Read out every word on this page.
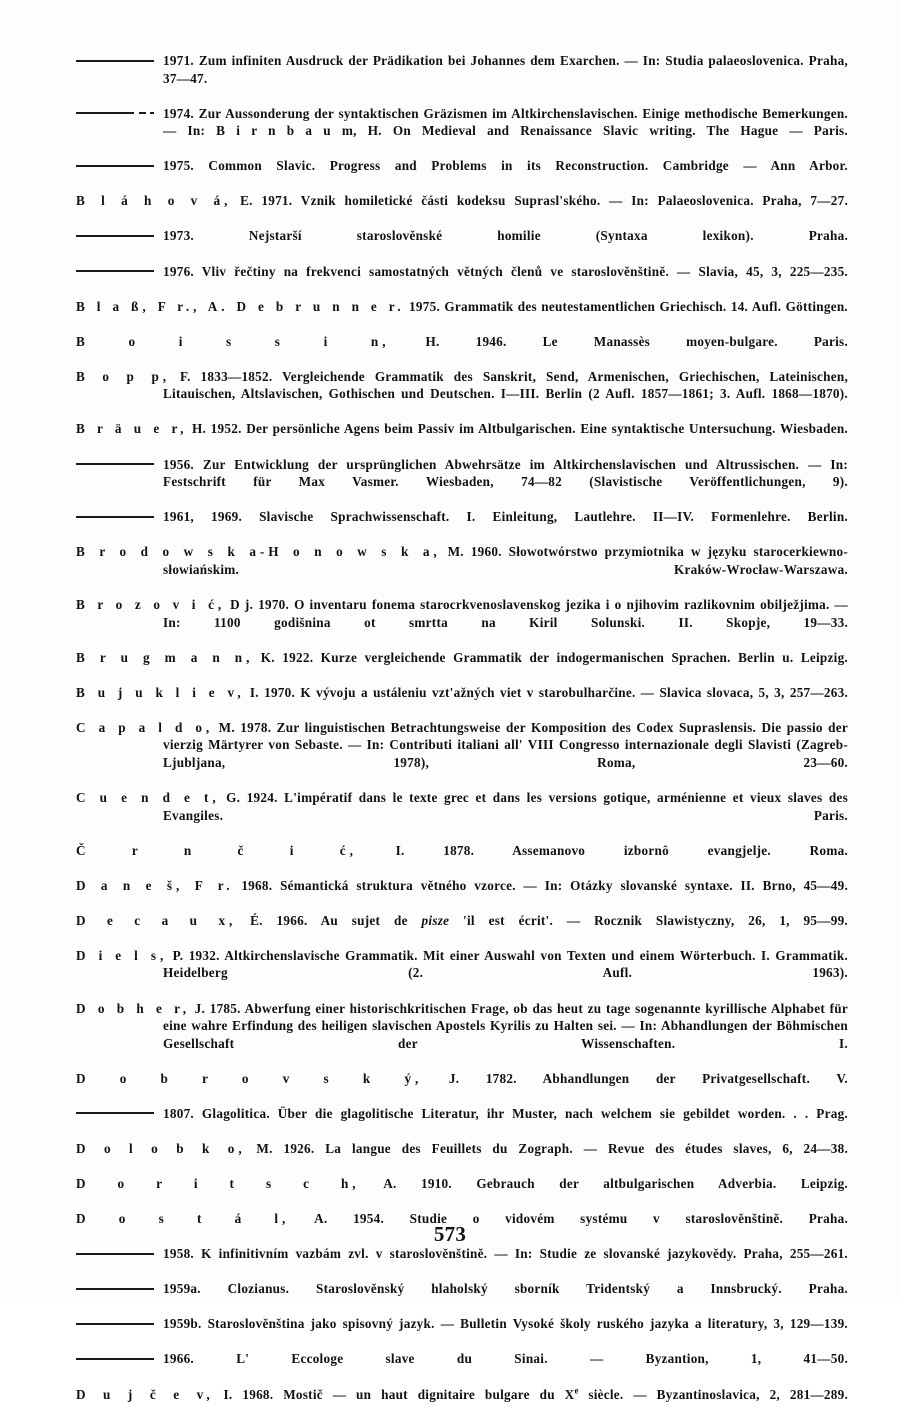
1971. Zum infiniten Ausdruck der Prädikation bei Johannes dem Exarchen. — In: Studia palaeoslovenica. Praha, 37—47.

1974. Zur Aussonderung der syntaktischen Gräzismen im Altkirchenslavischen. Einige methodische Bemerkungen. — In: B i r n b a u m, H. On Medieval and Renaissance Slavic writing. The Hague — Paris.

1975. Common Slavic. Progress and Problems in its Reconstruction. Cambridge — Ann Arbor.

B l á h o v á, E. 1971. Vznik homiletické části kodeksu Suprasl'ského. — In: Palaeoslovenica. Praha, 7—27.

1973. Nejstarší staroslověnské homilie (Syntaxa lexikon). Praha.

1976. Vliv řečtiny na frekvenci samostatných větných členů ve staroslověnštině. — Slavia, 45, 3, 225—235.

B l a ß, F r., A. D e b r u n n e r. 1975. Grammatik des neutestamentlichen Griechisch. 14. Aufl. Göttingen.

B o i s s i n,	H. 1946. Le Manassès moyen-bulgare. Paris.

B o p p, F. 1833—1852. Vergleichende Grammatik des Sanskrit, Send, Armenischen, Griechischen, Lateinischen, Litauischen, Altslavischen, Gothischen und Deutschen. I—III. Berlin (2 Aufl. 1857—1861; 3. Aufl. 1868—1870).

B r ä u e r, H. 1952. Der persönliche Agens beim Passiv im Altbulgarischen. Eine syntaktische Untersuchung. Wiesbaden.

1956. Zur Entwicklung der ursprünglichen Abwehrsätze im Altkirchenslavischen und Altrussischen. — In: Festschrift für Max Vasmer. Wiesbaden, 74—82 (Slavistische Veröffentlichungen, 9).

1961, 1969. Slavische Sprachwissenschaft. I. Einleitung, Lautlehre. II—IV. Formenlehre. Berlin.

B r o d o w s k a-H o n o w s k a, M. 1960. Słowotwórstwo przymiotnika w języku starocerkiewno-słowiańskim. Kraków-Wrocław-Warszawa.

B r o z o v i ć, D j. 1970. O inventaru fonema starocrkvenoslavenskog jezika i o njihovim razlikovnim obilježjima. — In: 1100 godišnina ot smrtta na Kiril Solunski. II. Skopje, 19—33.

B r u g m a n n, K. 1922. Kurze vergleichende Grammatik der indogermanischen Sprachen. Berlin u. Leipzig.

B u j u k l i e v, I. 1970. K vývoju a ustáleniu vzt'ažných viet v starobulharčine. — Slavica slovaca, 5, 3, 257—263.

C a p a l d o, M. 1978. Zur linguistischen Betrachtungsweise der Komposition des Codex Supraslensis. Die passio der vierzig Märtyrer von Sebaste. — In: Contributi italiani all' VIII Congresso internazionale degli Slavisti (Zagreb-Ljubljana, 1978), Roma, 23—60.

C u e n d e t, G. 1924. L'impératif dans le texte grec et dans les versions gotique, arménienne et vieux slaves des Evangiles. Paris.

Č r n č i ć,	I. 1878. Assemanovo izbornô evangjelje. Roma.

D a n e š, F r. 1968. Sémantická struktura větného vzorce. — In: Otázky slovanské syntaxe. II. Brno, 45—49.

D e c a u x, É. 1966. Au sujet de pisze 'il est écrit'. — Rocznik Slawistyczny, 26, 1, 95—99.

D i e l s, P. 1932. Altkirchenslavische Grammatik. Mit einer Auswahl von Texten und einem Wörterbuch. I. Grammatik. Heidelberg (2. Aufl. 1963).

D o b h e r, J. 1785. Abwerfung einer historischkritischen Frage, ob das heut zu tage sogenannte kyrillische Alphabet für eine wahre Erfindung des heiligen slavischen Apostels Kyrilis zu Halten sei. — In: Abhandlungen der Böhmischen Gesellschaft der Wissenschaften. I.

D o b r o v s k ý, J. 1782. Abhandlungen der Privatgesellschaft. V.

1807. Glagolitica. Über die glagolitische Literatur, ihr Muster, nach welchem sie gebildet worden. . . Prag.

D o l o b k o, M. 1926. La langue des Feuillets du Zograph. — Revue des études slaves, 6, 24—38.

D o r i t s c h, A. 1910. Gebrauch der altbulgarischen Adverbia. Leipzig.

D o s t á l, A. 1954. Studie o vidovém systému v staroslověnštině. Praha.

1958. K infinitivním vazbám zvl. v staroslověnštině. — In: Studie ze slovanské jazykovědy. Praha, 255—261.

1959a. Clozianus. Staroslověnský hlaholský sborník Tridentský a Innsbrucký. Praha.

1959b. Staroslověnština jako spisovný jazyk. — Bulletin Vysoké školy ruského jazyka a literatury, 3, 129—139.

1966. L' Eccologe slave du Sinai. — Byzantion, 1, 41—50.

D u j č e v, I. 1968. Mostič — un haut dignitaire bulgare du Xe siècle. — Byzantinoslavica, 2, 281—289.

573
